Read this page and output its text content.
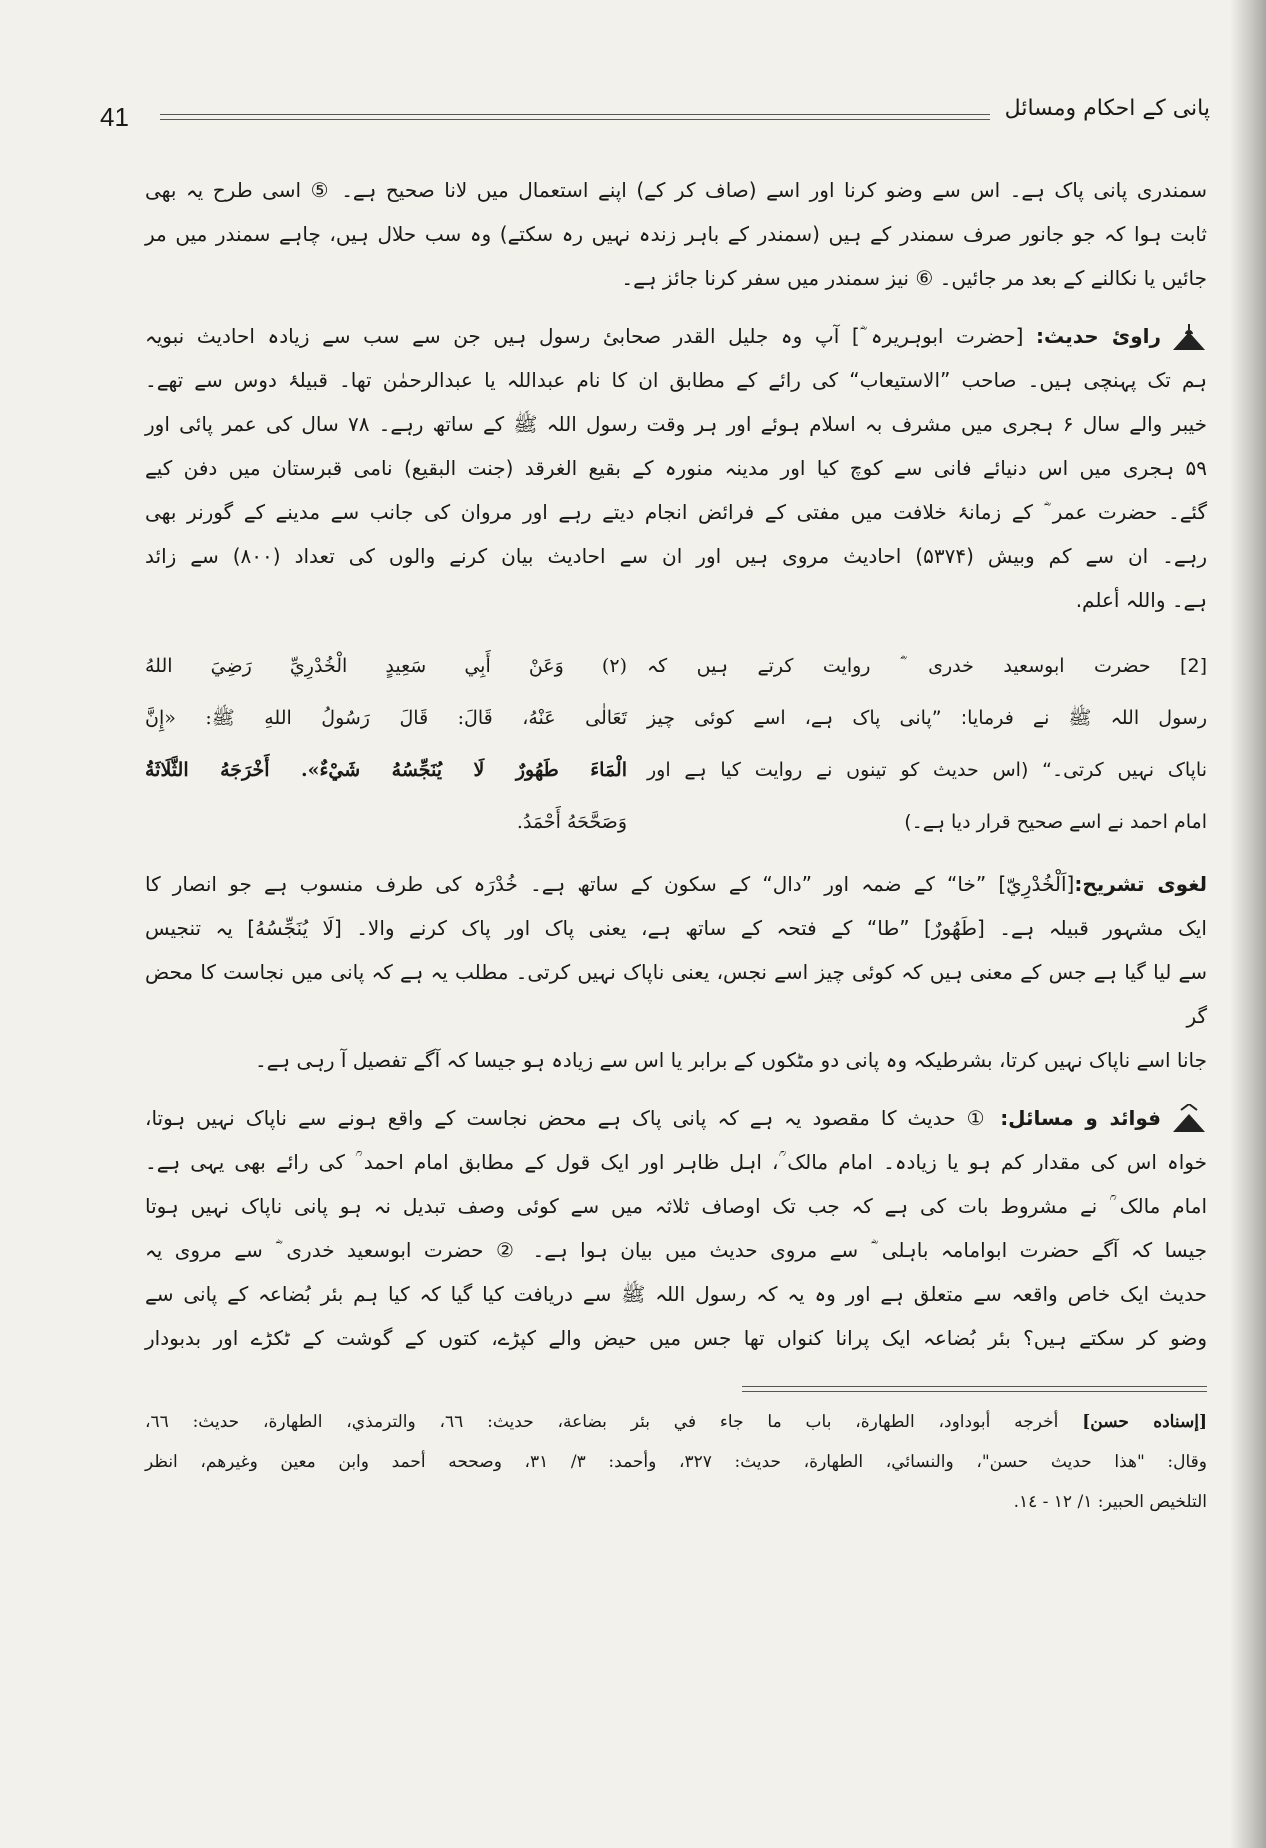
41	پانی کے احکام ومسائل
سمندری پانی پاک ہے۔ اس سے وضو کرنا اور اسے (صاف کر کے) اپنے استعمال میں لانا صحیح ہے۔ ⑤ اسی طرح یہ بھی
ثابت ہوا کہ جو جانور صرف سمندر کے ہیں (سمندر کے باہر زندہ نہیں رہ سکتے) وہ سب حلال ہیں، چاہے سمندر میں مر
جائیں یا نکالنے کے بعد مر جائیں۔ ⑥ نیز سمندر میں سفر کرنا جائز ہے۔
راویٔ حدیث: [حضرت ابوہریرہ ؓ] آپ وہ جلیل القدر صحابیٔ رسول ہیں جن سے سب سے زیادہ احادیث نبویہ
ہم تک پہنچی ہیں۔ صاحب ”الاستیعاب“ کی رائے کے مطابق ان کا نام عبداللہ یا عبدالرحمٰن تھا۔ قبیلۂ دوس سے تھے۔
خیبر والے سال ۶ ہجری میں مشرف بہ اسلام ہوئے اور ہر وقت رسول اللہ ﷺ کے ساتھ رہے۔ ۷۸ سال کی عمر پائی اور
۵۹ ہجری میں اس دنیائے فانی سے کوچ کیا اور مدینہ منورہ کے بقیع الغرقد (جنت البقیع) نامی قبرستان میں دفن کیے
گئے۔ حضرت عمر ؓ کے زمانۂ خلافت میں مفتی کے فرائض انجام دیتے رہے اور مروان کی جانب سے مدینے کے گورنر بھی
رہے۔ ان سے کم وبیش (۵۳۷۴) احادیث مروی ہیں اور ان سے احادیث بیان کرنے والوں کی تعداد (۸۰۰) سے زائد
ہے۔ واللہ أعلم.
[2] حضرت ابوسعید خدری ؓ روایت کرتے ہیں کہ
رسول اللہ ﷺ نے فرمایا: ”پانی پاک ہے، اسے کوئی چیز
ناپاک نہیں کرتی۔“ (اس حدیث کو تینوں نے روایت کیا ہے اور
امام احمد نے اسے صحیح قرار دیا ہے۔)
(٢) وَعَنْ أَبِي سَعِيدٍ الْخُدْرِيِّ رَضِيَ اللهُ
تَعَالٰى عَنْهُ، قَالَ: قَالَ رَسُولُ اللهِ ﷺ: «إِنَّ
الْمَاءَ طَهُورٌ لَا يُنَجِّسُهُ شَيْءٌ». أَخْرَجَهُ الثَّلَاثَةُ
وَصَحَّحَهُ أَحْمَدُ.
لغوی تشریح:[اَلْخُدْرِيّ] ”خا“ کے ضمہ اور ”دال“ کے سکون کے ساتھ ہے۔ خُدْرَہ کی طرف منسوب ہے جو انصار کا
ایک مشہور قبیلہ ہے۔ [طَهُورٌ] ”طا“ کے فتحہ کے ساتھ ہے، یعنی پاک اور پاک کرنے والا۔ [لَا یُنَجِّسُهُ] یہ تنجیس
سے لیا گیا ہے جس کے معنی ہیں کہ کوئی چیز اسے نجس، یعنی ناپاک نہیں کرتی۔ مطلب یہ ہے کہ پانی میں نجاست کا محض گر
جانا اسے ناپاک نہیں کرتا، بشرطیکہ وہ پانی دو مٹکوں کے برابر یا اس سے زیادہ ہو جیسا کہ آگے تفصیل آ رہی ہے۔
فوائد و مسائل: ① حدیث کا مقصود یہ ہے کہ پانی پاک ہے محض نجاست کے واقع ہونے سے ناپاک نہیں ہوتا،
خواہ اس کی مقدار کم ہو یا زیادہ۔ امام مالک ؒ، اہل ظاہر اور ایک قول کے مطابق امام احمد ؒ کی رائے بھی یہی ہے۔
امام مالک ؒ نے مشروط بات کی ہے کہ جب تک اوصاف ثلاثہ میں سے کوئی وصف تبدیل نہ ہو پانی ناپاک نہیں ہوتا
جیسا کہ آگے حضرت ابوامامہ باہلی ؓ سے مروی حدیث میں بیان ہوا ہے۔ ② حضرت ابوسعید خدری ؓ سے مروی یہ
حدیث ایک خاص واقعہ سے متعلق ہے اور وہ یہ کہ رسول اللہ ﷺ سے دریافت کیا گیا کہ کیا ہم بئر بُضاعہ کے پانی سے
وضو کر سکتے ہیں؟ بئر بُضاعہ ایک پرانا کنواں تھا جس میں حیض والے کپڑے، کتوں کے گوشت کے ٹکڑے اور بدبودار
[إسناده حسن] أخرجه أبوداود، الطهارة، باب ما جاء في بئر بضاعة، حديث: ٦٦، والترمذي، الطهارة، حديث: ٦٦،
وقال: "هذا حديث حسن"، والنسائي، الطهارة، حديث: ٣٢٧، وأحمد: ٣/ ٣١، وصححه أحمد وابن معين وغيرهم، انظر
التلخيص الحبير: ١/ ١٢ - ١٤.
